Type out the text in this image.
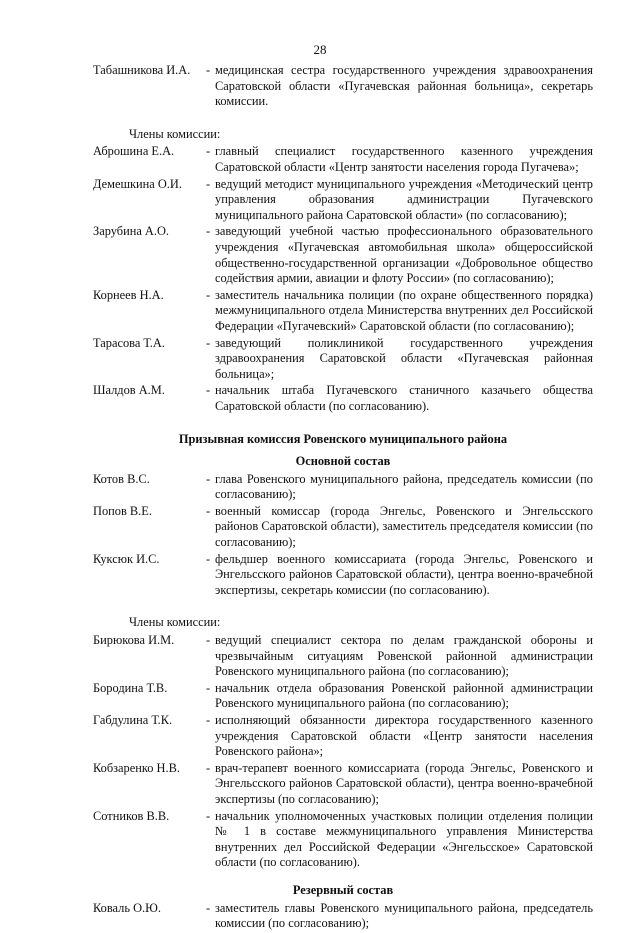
28
Табашникова И.А.	- медицинская сестра государственного учреждения здравоохранения Саратовской области «Пугачевская районная больница», секретарь комиссии.
Члены комиссии:
Аброшина Е.А.	- главный специалист государственного казенного учреждения Саратовской области «Центр занятости населения города Пугачева»;
Демешкина О.И.	- ведущий методист муниципального учреждения «Методический центр управления образования администрации Пугачевского муниципального района Саратовской области» (по согласованию);
Зарубина А.О.	- заведующий учебной частью профессионального образовательного учреждения «Пугачевская автомобильная школа» общероссийской общественно-государственной организации «Добровольное общество содействия армии, авиации и флоту России» (по согласованию);
Корнеев Н.А.	- заместитель начальника полиции (по охране общественного порядка) межмуниципального отдела Министерства внутренних дел Российской Федерации «Пугачевский» Саратовской области (по согласованию);
Тарасова Т.А.	- заведующий поликлиникой государственного учреждения здравоохранения Саратовской области «Пугачевская районная больница»;
Шалдов А.М.	- начальник штаба Пугачевского станичного казачьего общества Саратовской области (по согласованию).
Призывная комиссия Ровенского муниципального района
Основной состав
Котов В.С.	- глава Ровенского муниципального района, председатель комиссии (по согласованию);
Попов В.Е.	- военный комиссар (города Энгельс, Ровенского и Энгельсского районов Саратовской области), заместитель председателя комиссии (по согласованию);
Куксюк И.С.	- фельдшер военного комиссариата (города Энгельс, Ровенского и Энгельсского районов Саратовской области), центра военно-врачебной экспертизы, секретарь комиссии (по согласованию).
Члены комиссии:
Бирюкова И.М.	- ведущий специалист сектора по делам гражданской обороны и чрезвычайным ситуациям Ровенской районной администрации Ровенского муниципального района (по согласованию);
Бородина Т.В.	- начальник отдела образования Ровенской районной администрации Ровенского муниципального района (по согласованию);
Габдулина Т.К.	- исполняющий обязанности директора государственного казенного учреждения Саратовской области «Центр занятости населения Ровенского района»;
Кобзаренко Н.В.	- врач-терапевт военного комиссариата (города Энгельс, Ровенского и Энгельсского районов Саратовской области), центра военно-врачебной экспертизы (по согласованию);
Сотников В.В.	- начальник уполномоченных участковых полиции отделения полиции № 1 в составе межмуниципального управления Министерства внутренних дел Российской Федерации «Энгельсское» Саратовской области (по согласованию).
Резервный состав
Коваль О.Ю.	- заместитель главы Ровенского муниципального района, председатель комиссии (по согласованию);
